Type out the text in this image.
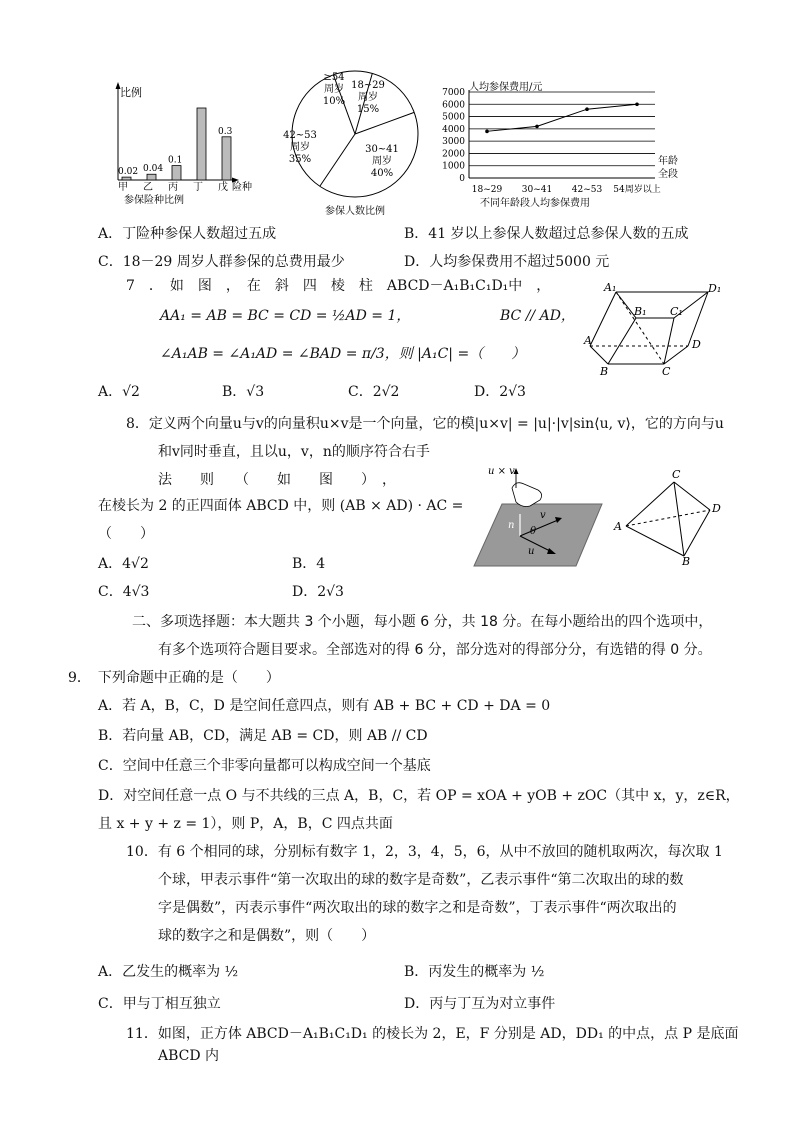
比例
险种
甲
0.02
乙
0.04
丙
0.1
丁 戊
0.3
参保险种比例
≥54 周岁 10%
18~29 周岁 15%
30~41 周岁 40%
42~53 周岁 35%
参保人数比例
人均参保费用/元
0
1000
2000
3000
4000
5000
6000
7000
18~29 30~41 42~53 54周岁以上
年龄
全段
不同年龄段人均参保费用
A．丁险种参保人数超过五成	B．41 岁以上参保人数超过总参保人数的五成
C．18－29 周岁人群参保的总费用最少	D．人均参保费用不超过5000 元
7　．　如　图　，　在　斜　四　棱　柱　ABCD－A₁B₁C₁D₁中　，
AA₁ = AB = BC = CD = ½AD = 1，	BC // AD，
∠A₁AB = ∠A₁AD = ∠BAD = π/3，则 |A₁C| =（　　）
A．√2	B．√3	C．2√2	D．2√3
A₁
B₁ C₁
D₁
A
B	C
D
8．定义两个向量u与v的向量积u×v是一个向量，它的模|u×v| = |u|·|v|sin⟨u, v⟩，它的方向与u
和v同时垂直，且以u，v，n的顺序符合右手
法　　则　　（　　如　　图　　）　，
在棱长为 2 的正四面体 ABCD 中，则 (AB × AD) · AC =
（　　）
A．4√2	B．4
C．4√3	D．2√3
u × v
v
u
n
θ
C
D
A
B
二、多项选择题：本大题共 3 个小题，每小题 6 分，共 18 分。在每小题给出的四个选项中，
有多个选项符合题目要求。全部选对的得 6 分，部分选对的得部分分，有选错的得 0 分。
9．　下列命题中正确的是（　　）
A．若 A，B，C，D 是空间任意四点，则有 AB + BC + CD + DA = 0
B．若向量 AB，CD，满足 AB = CD，则 AB // CD
C．空间中任意三个非零向量都可以构成空间一个基底
D．对空间任意一点 O 与不共线的三点 A，B，C，若 OP = xOA + yOB + zOC（其中 x，y，z∈R，
且 x + y + z = 1），则 P，A，B，C 四点共面
10．有 6 个相同的球，分别标有数字 1，2，3，4，5，6，从中不放回的随机取两次，每次取 1
个球，甲表示事件“第一次取出的球的数字是奇数”，乙表示事件“第二次取出的球的数
字是偶数”，丙表示事件“两次取出的球的数字之和是奇数”，丁表示事件“两次取出的
球的数字之和是偶数”，则（　　）
A．乙发生的概率为 ½	B．丙发生的概率为 ½
C．甲与丁相互独立	D．丙与丁互为对立事件
11．如图，正方体 ABCD－A₁B₁C₁D₁ 的棱长为 2，E，F 分别是 AD，DD₁ 的中点，点 P 是底面
ABCD 内
